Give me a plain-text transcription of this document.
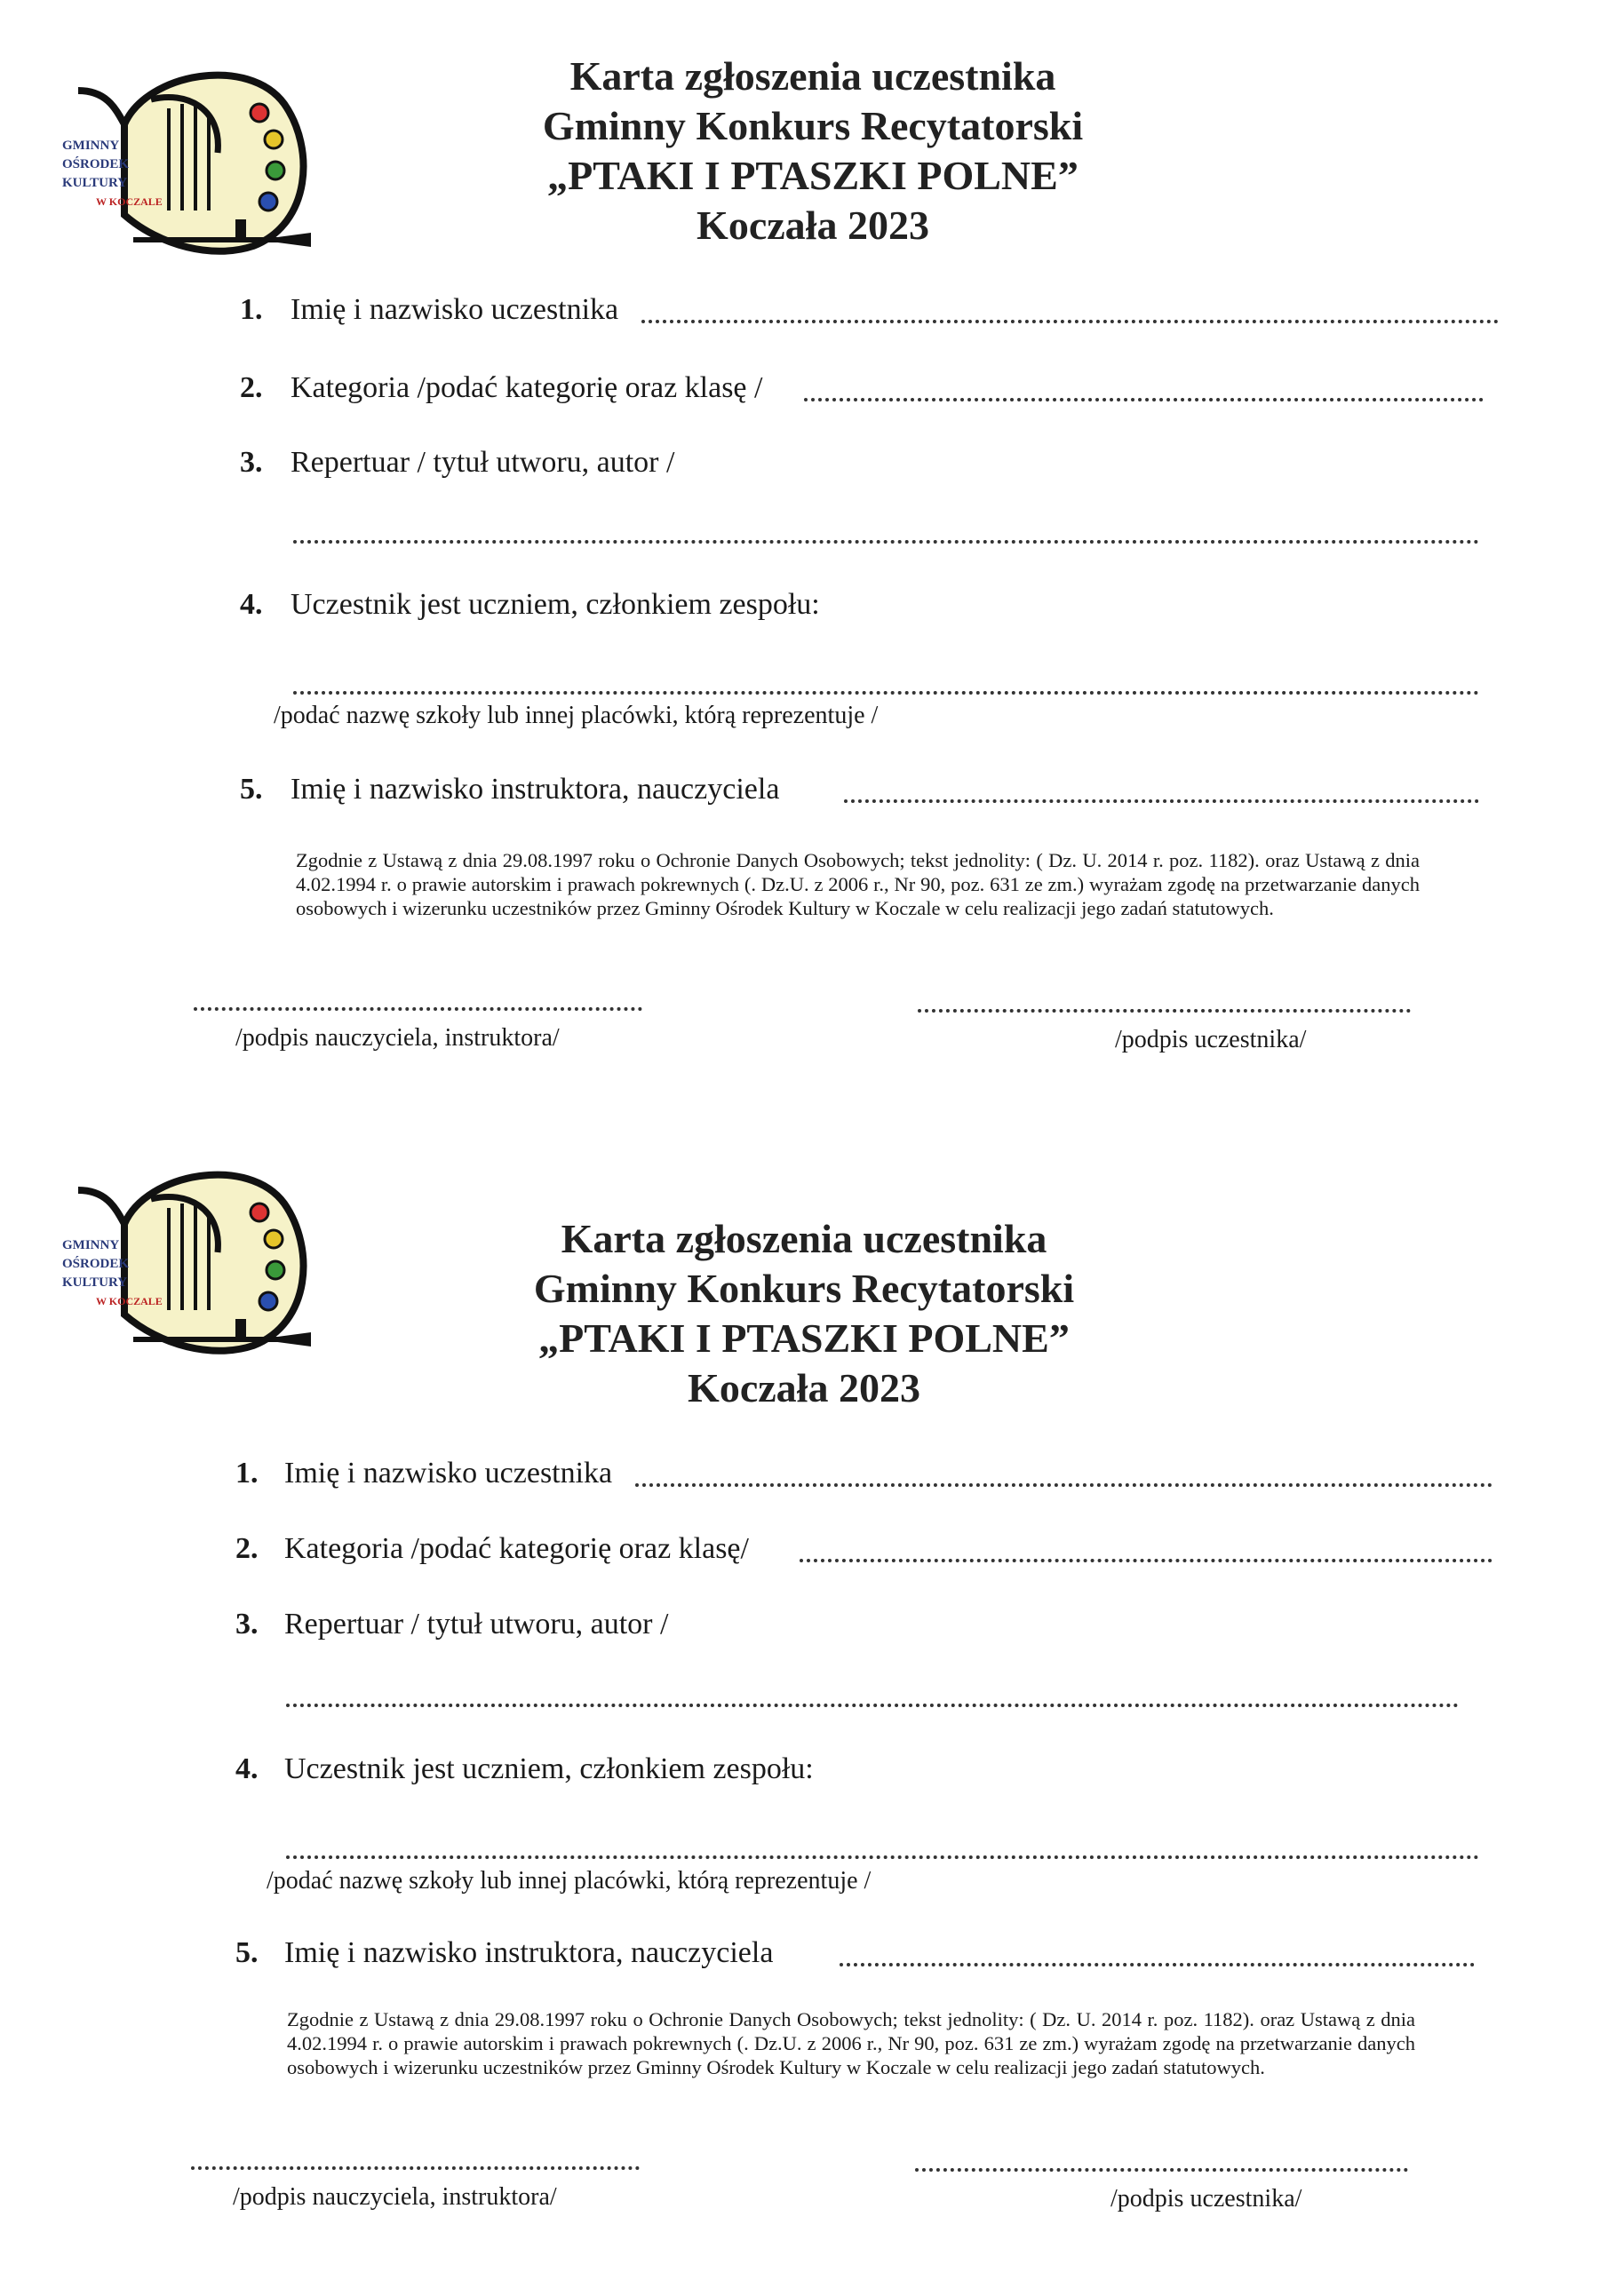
GMINNY
OŚRODEK
KULTURY
W KOCZALE
Karta zgłoszenia uczestnika
Gminny Konkurs Recytatorski
„PTAKI I PTASZKI POLNE”
Koczała 2023
1. Imię i nazwisko uczestnika
2. Kategoria /podać kategorię oraz klasę /
3. Repertuar / tytuł utworu, autor /
4. Uczestnik jest uczniem, członkiem zespołu:
/podać nazwę szkoły lub innej placówki, którą reprezentuje /
5. Imię i nazwisko instruktora, nauczyciela
Zgodnie z Ustawą z dnia 29.08.1997 roku o Ochronie Danych Osobowych; tekst jednolity: ( Dz. U. 2014 r. poz. 1182). oraz Ustawą z dnia 4.02.1994 r. o prawie autorskim i prawach pokrewnych (. Dz.U. z 2006 r., Nr 90, poz. 631 ze zm.) wyrażam zgodę na przetwarzanie danych osobowych i wizerunku uczestników przez Gminny Ośrodek Kultury w Koczale w celu realizacji jego zadań statutowych.
/podpis nauczyciela, instruktora/	/podpis uczestnika/
GMINNY
OŚRODEK
KULTURY
W KOCZALE
Karta zgłoszenia uczestnika
Gminny Konkurs Recytatorski
„PTAKI I PTASZKI POLNE”
Koczała 2023
1. Imię i nazwisko uczestnika
2. Kategoria /podać kategorię oraz klasę/
3. Repertuar / tytuł utworu, autor /
4. Uczestnik jest uczniem, członkiem zespołu:
/podać nazwę szkoły lub innej placówki, którą reprezentuje /
5. Imię i nazwisko instruktora, nauczyciela
Zgodnie z Ustawą z dnia 29.08.1997 roku o Ochronie Danych Osobowych; tekst jednolity: ( Dz. U. 2014 r. poz. 1182). oraz Ustawą z dnia 4.02.1994 r. o prawie autorskim i prawach pokrewnych (. Dz.U. z 2006 r., Nr 90, poz. 631 ze zm.) wyrażam zgodę na przetwarzanie danych osobowych i wizerunku uczestników przez Gminny Ośrodek Kultury w Koczale w celu realizacji jego zadań statutowych.
/podpis nauczyciela, instruktora/	/podpis uczestnika/
